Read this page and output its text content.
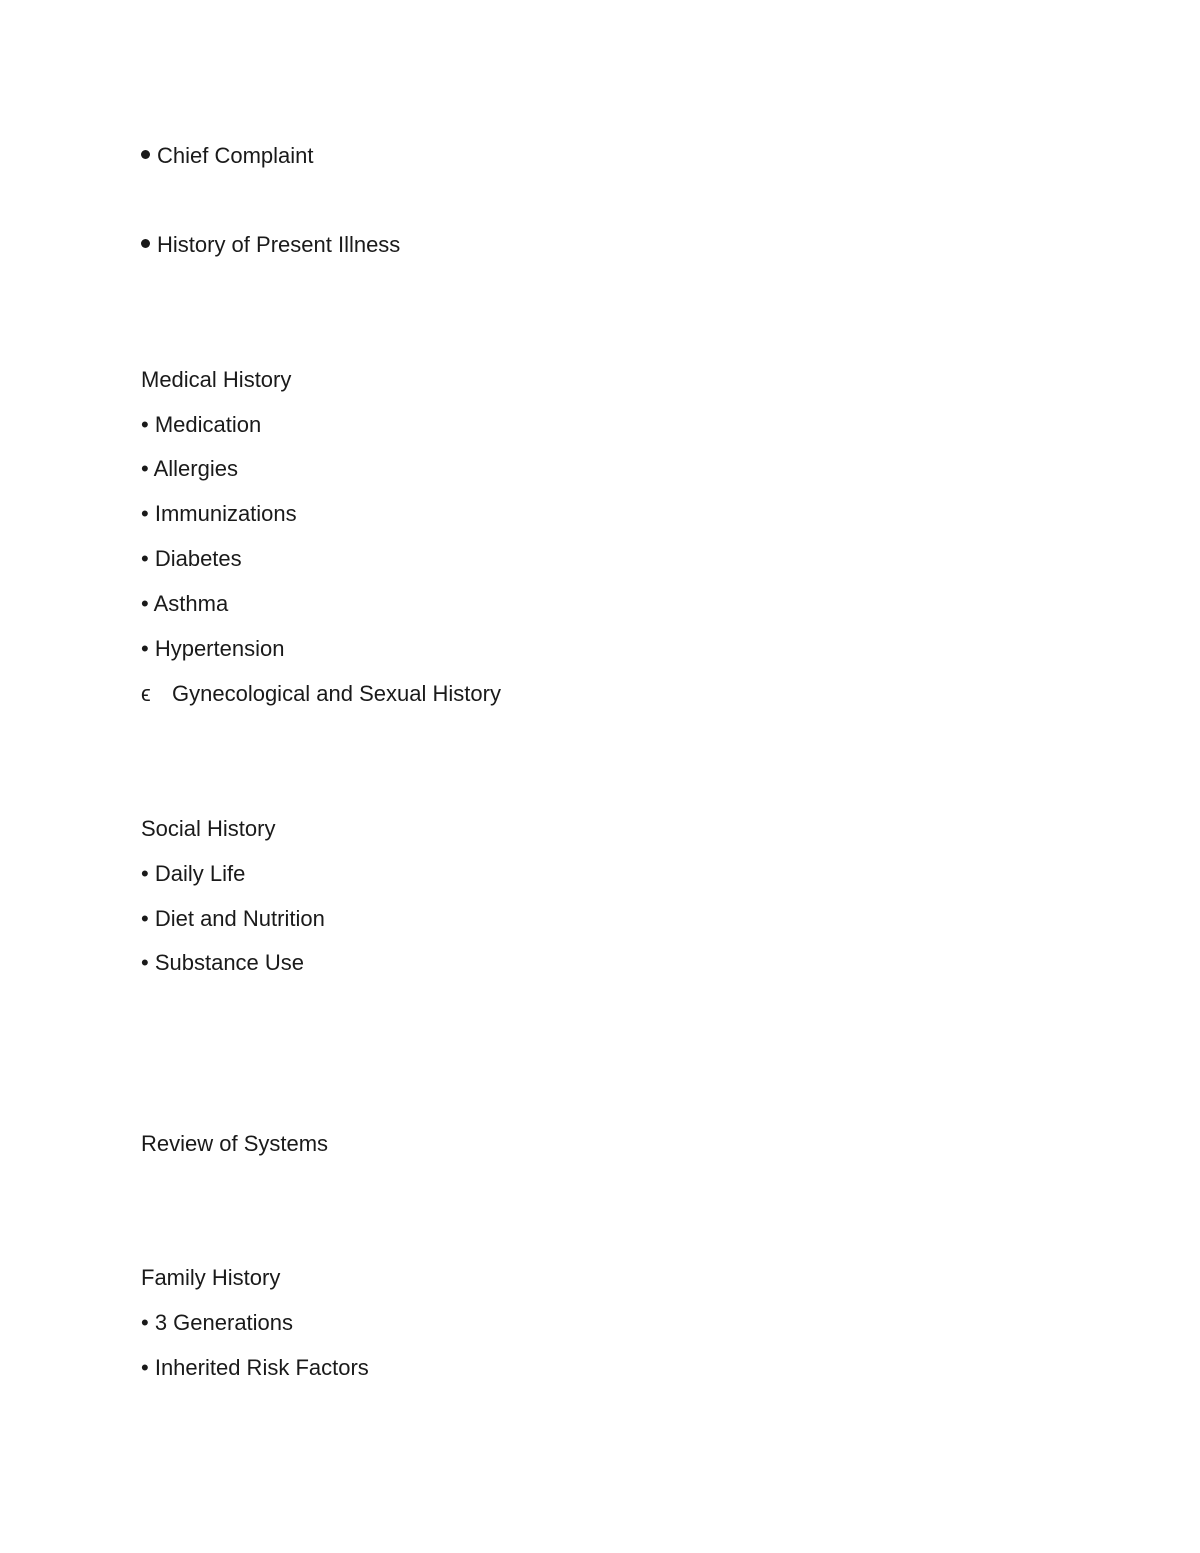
Chief Complaint
History of Present Illness
Medical History
• Medication
• Allergies
• Immunizations
• Diabetes
• Asthma
• Hypertension
ϵ Gynecological and Sexual History
Social History
• Daily Life
• Diet and Nutrition
• Substance Use
Review of Systems
Family History
• 3 Generations
• Inherited Risk Factors
